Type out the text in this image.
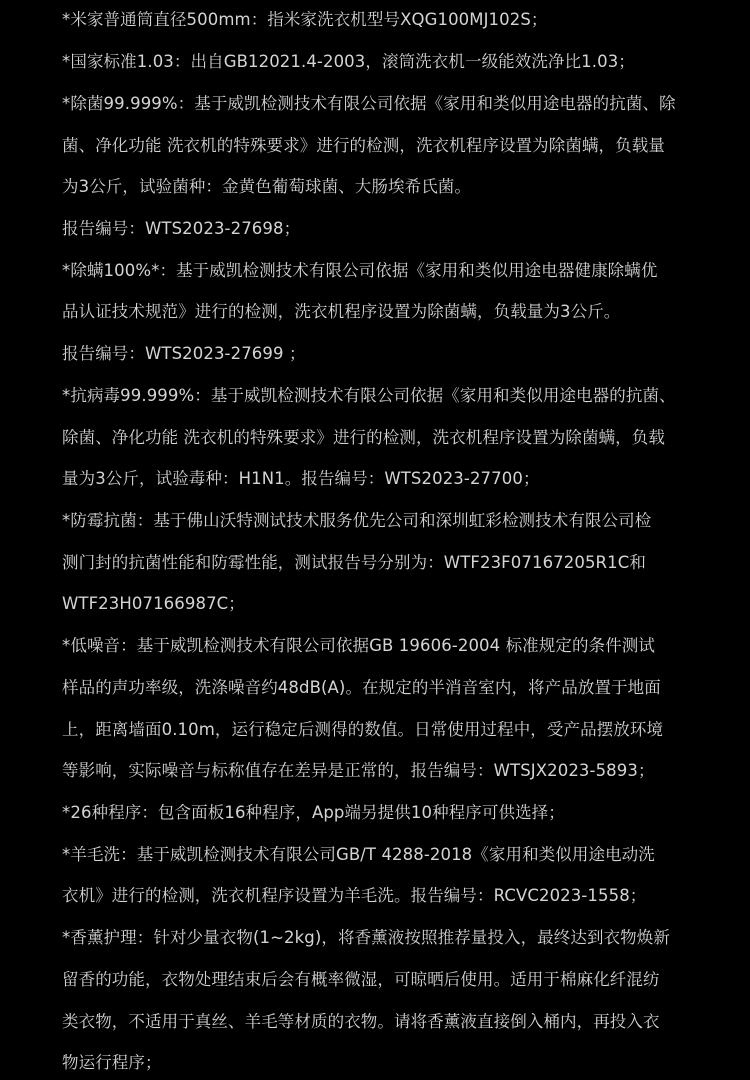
*米家普通筒直径500mm：指米家洗衣机型号XQG100MJ102S；
*国家标准1.03：出自GB12021.4-2003，滚筒洗衣机一级能效洗净比1.03；
*除菌99.999%：基于威凯检测技术有限公司依据《家用和类似用途电器的抗菌、除
菌、净化功能 洗衣机的特殊要求》进行的检测，洗衣机程序设置为除菌螨，负载量
为3公斤，试验菌种：金黄色葡萄球菌、大肠埃希氏菌。
报告编号：WTS2023-27698；
*除螨100%*：基于威凯检测技术有限公司依据《家用和类似用途电器健康除螨优
品认证技术规范》进行的检测，洗衣机程序设置为除菌螨，负载量为3公斤。
报告编号：WTS2023-27699 ；
*抗病毒99.999%：基于威凯检测技术有限公司依据《家用和类似用途电器的抗菌、
除菌、净化功能 洗衣机的特殊要求》进行的检测，洗衣机程序设置为除菌螨，负载
量为3公斤，试验毒种：H1N1。报告编号：WTS2023-27700；
*防霉抗菌：基于佛山沃特测试技术服务优先公司和深圳虹彩检测技术有限公司检
测门封的抗菌性能和防霉性能，测试报告号分别为：WTF23F07167205R1C和
WTF23H07166987C；
*低噪音：基于威凯检测技术有限公司依据GB 19606-2004 标准规定的条件测试
样品的声功率级，洗涤噪音约48dB(A)。在规定的半消音室内，将产品放置于地面
上，距离墙面0.10m，运行稳定后测得的数值。日常使用过程中，受产品摆放环境
等影响，实际噪音与标称值存在差异是正常的，报告编号：WTSJX2023-5893；
*26种程序：包含面板16种程序，App端另提供10种程序可供选择；
*羊毛洗：基于威凯检测技术有限公司GB/T 4288-2018《家用和类似用途电动洗
衣机》进行的检测，洗衣机程序设置为羊毛洗。报告编号：RCVC2023-1558；
*香薰护理：针对少量衣物(1~2kg)，将香薰液按照推荐量投入，最终达到衣物焕新
留香的功能，衣物处理结束后会有概率微湿，可晾晒后使用。适用于棉麻化纤混纺
类衣物，不适用于真丝、羊毛等材质的衣物。请将香薰液直接倒入桶内，再投入衣
物运行程序；
